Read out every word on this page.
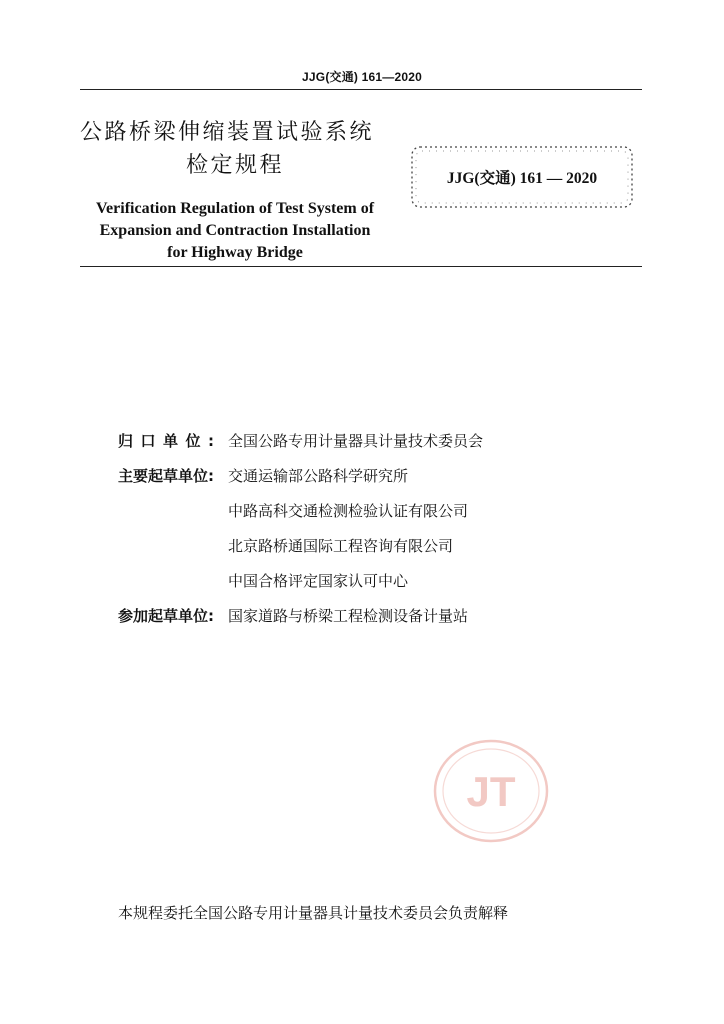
JJG(交通) 161—2020
公路桥梁伸缩装置试验系统
检定规程
Verification Regulation of Test System of
Expansion and Contraction Installation
for Highway Bridge
JJG(交通) 161 — 2020
归口单位: 全国公路专用计量器具计量技术委员会
主要起草单位: 交通运输部公路科学研究所
中路高科交通检测检验认证有限公司
北京路桥通国际工程咨询有限公司
中国合格评定国家认可中心
参加起草单位: 国家道路与桥梁工程检测设备计量站
JT
本规程委托全国公路专用计量器具计量技术委员会负责解释
